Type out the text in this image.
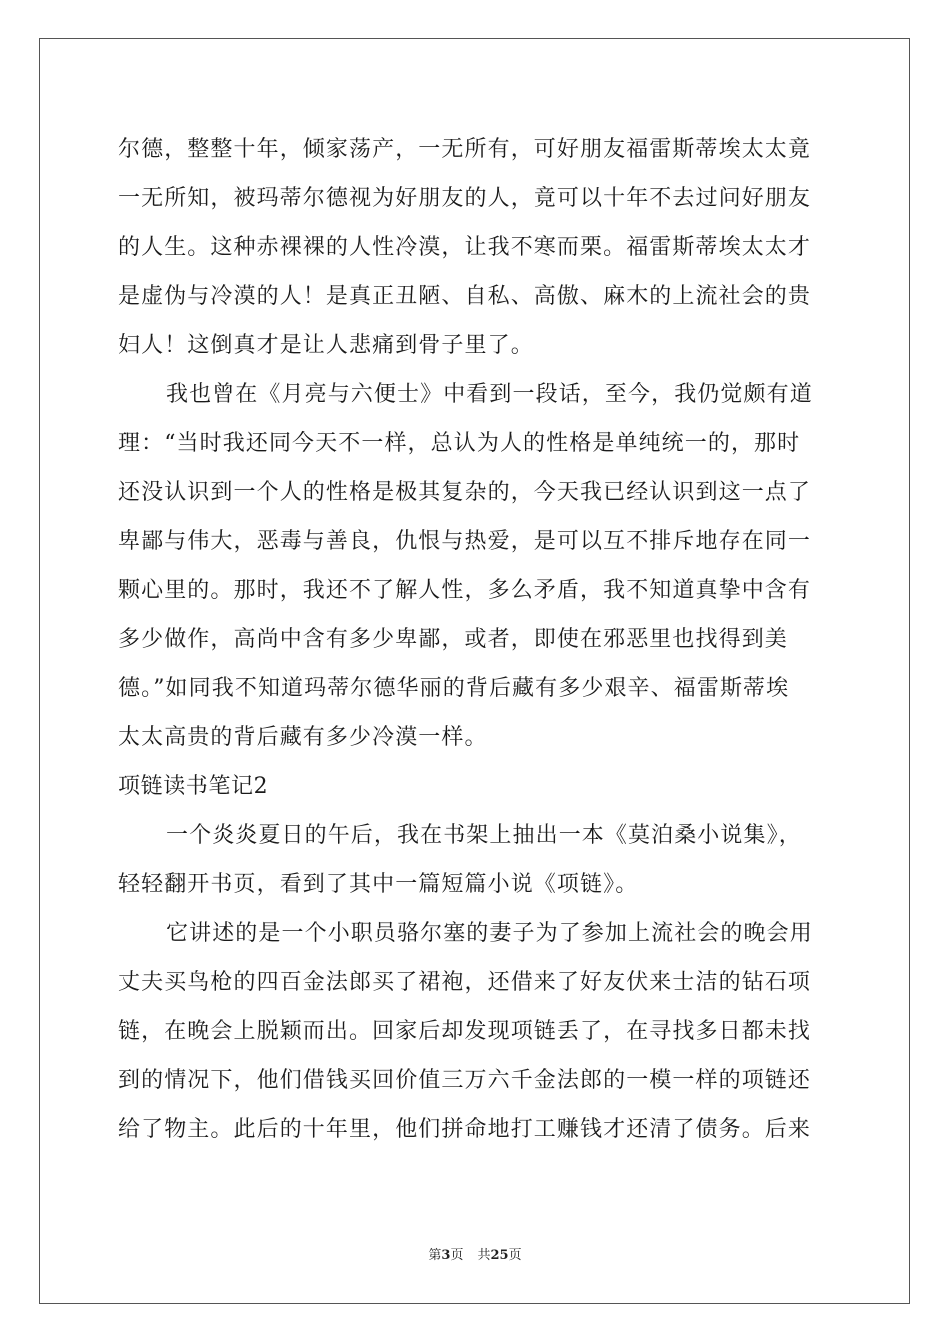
尔德，整整十年，倾家荡产，一无所有，可好朋友福雷斯蒂埃太太竟
一无所知，被玛蒂尔德视为好朋友的人，竟可以十年不去过问好朋友
的人生。这种赤裸裸的人性冷漠，让我不寒而栗。福雷斯蒂埃太太才
是虚伪与冷漠的人！是真正丑陋、自私、高傲、麻木的上流社会的贵
妇人！这倒真才是让人悲痛到骨子里了。
我也曾在《月亮与六便士》中看到一段话，至今，我仍觉颇有道
理：“当时我还同今天不一样，总认为人的性格是单纯统一的，那时
还没认识到一个人的性格是极其复杂的，今天我已经认识到这一点了
卑鄙与伟大，恶毒与善良，仇恨与热爱，是可以互不排斥地存在同一
颗心里的。那时，我还不了解人性，多么矛盾，我不知道真挚中含有
多少做作，高尚中含有多少卑鄙，或者，即使在邪恶里也找得到美
德。”如同我不知道玛蒂尔德华丽的背后藏有多少艰辛、福雷斯蒂埃
太太高贵的背后藏有多少冷漠一样。
项链读书笔记2
一个炎炎夏日的午后，我在书架上抽出一本《莫泊桑小说集》，
轻轻翻开书页，看到了其中一篇短篇小说《项链》。
它讲述的是一个小职员骆尔塞的妻子为了参加上流社会的晚会用
丈夫买鸟枪的四百金法郎买了裙袍，还借来了好友伏来士洁的钻石项
链，在晚会上脱颖而出。回家后却发现项链丢了，在寻找多日都未找
到的情况下，他们借钱买回价值三万六千金法郎的一模一样的项链还
给了物主。此后的十年里，他们拼命地打工赚钱才还清了债务。后来
第3页 共25页
